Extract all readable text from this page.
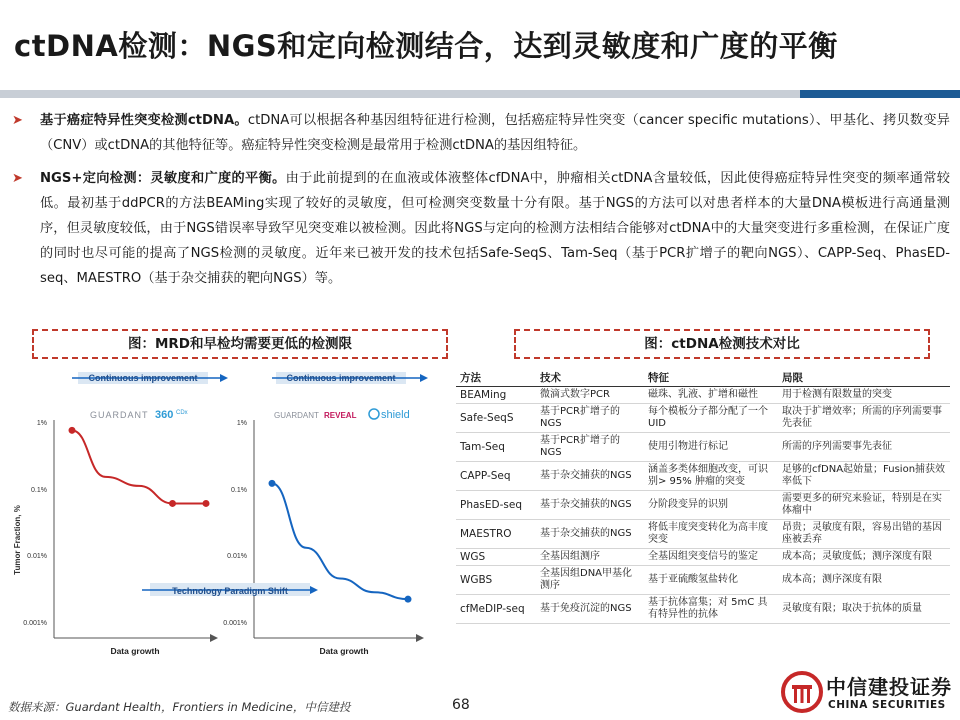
ctDNA检测：NGS和定向检测结合，达到灵敏度和广度的平衡
➤ 基于癌症特异性突变检测ctDNA。ctDNA可以根据各种基因组特征进行检测，包括癌症特异性突变（cancer specific mutations）、甲基化、拷贝数变异（CNV）或ctDNA的其他特征等。癌症特异性突变检测是最常用于检测ctDNA的基因组特征。
➤ NGS+定向检测：灵敏度和广度的平衡。由于此前提到的在血液或体液整体cfDNA中，肿瘤相关ctDNA含量较低，因此使得癌症特异性突变的频率通常较低。最初基于ddPCR的方法BEAMing实现了较好的灵敏度，但可检测突变数量十分有限。基于NGS的方法可以对患者样本的大量DNA模板进行高通量测序，但灵敏度较低，由于NGS错误率导致罕见突变难以被检测。因此将NGS与定向的检测方法相结合能够对ctDNA中的大量突变进行多重检测，在保证广度的同时也尽可能的提高了NGS检测的灵敏度。近年来已被开发的技术包括Safe-SeqS、Tam-Seq（基于PCR扩增子的靶向NGS）、CAPP-Seq、PhasED-seq、MAESTRO（基于杂交捕获的靶向NGS）等。
图：MRD和早检均需要更低的检测限	图：ctDNA检测技术对比
Continuous improvement	Continuous improvement
GUARDANT 360 CDx	GUARDANT REVEAL shield
Tumor Fraction, %
1%
0.1%
0.01%
0.001%
Data growth
1%
0.1%
0.01%
0.001%
Data growth
Technology Paradigm Shift
方法	技术	特征	局限
BEAMing	微滴式数字PCR	磁珠、乳液、扩增和磁性	用于检测有限数量的突变
Safe-SeqS	基于PCR扩增子的NGS	每个模板分子都分配了一个UID	取决于扩增效率；所需的序列需要事先表征
Tam-Seq	基于PCR扩增子的NGS	使用引物进行标记	所需的序列需要事先表征
CAPP-Seq	基于杂交捕获的NGS	涵盖多类体细胞改变，可识别> 95% 肿瘤的突变	足够的cfDNA起始量；Fusion捕获效率低下
PhasED-seq	基于杂交捕获的NGS	分阶段变异的识别	需要更多的研究来验证，特别是在实体瘤中
MAESTRO	基于杂交捕获的NGS	将低丰度突变转化为高丰度突变	昂贵；灵敏度有限，容易出错的基因座被丢弃
WGS	全基因组测序	全基因组突变信号的鉴定	成本高；灵敏度低；测序深度有限
WGBS	全基因组DNA甲基化测序	基于亚硫酸氢盐转化	成本高；测序深度有限
cfMeDIP-seq	基于免疫沉淀的NGS	基于抗体富集；对 5mC 具有特异性的抗体	灵敏度有限；取决于抗体的质量
数据来源：Guardant Health，Frontiers in Medicine，中信建投	68
中信建投证券
CHINA SECURITIES
